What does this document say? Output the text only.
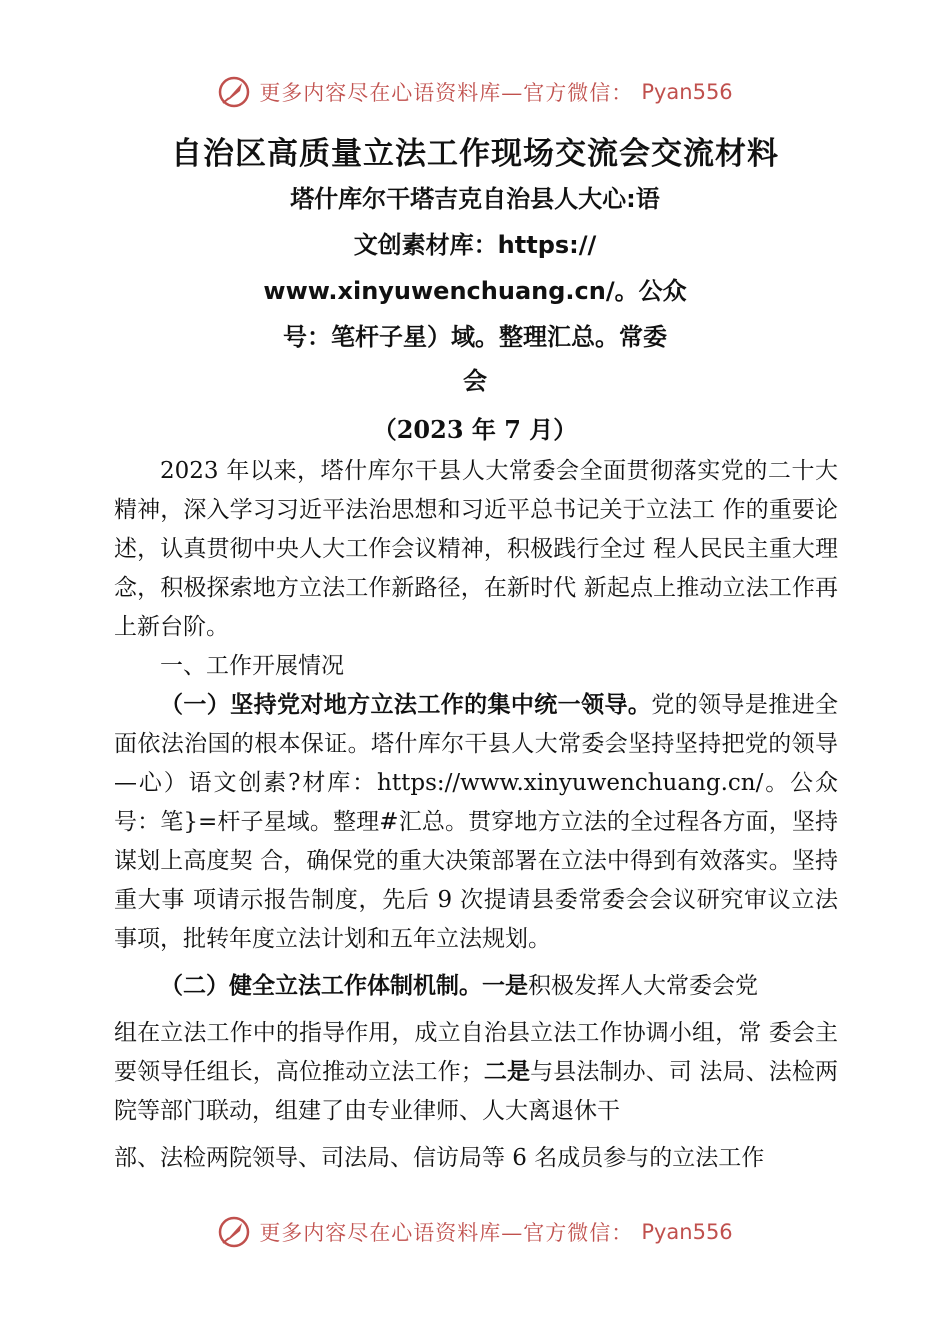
更多内容尽在心语资料库—官方微信： Pyan556
自治区高质量立法工作现场交流会交流材料
塔什库尔干塔吉克自治县人大心:语
文创素材库：https://
www.xinyuwenchuang.cn/。公众
号：笔杆子星）域。整理汇总。常委
会
（2023 年 7 月）

2023 年以来，塔什库尔干县人大常委会全面贯彻落实党的二十大精神，深入学习习近平法治思想和习近平总书记关于立法工 作的重要论述，认真贯彻中央人大工作会议精神，积极践行全过 程人民民主重大理念，积极探索地方立法工作新路径，在新时代 新起点上推动立法工作再上新台阶。

一、工作开展情况

（一）坚持党对地方立法工作的集中统一领导。党的领导是推进全面依法治国的根本保证。塔什库尔干县人大常委会坚持坚持把党的领导—心）语文创素?材库：https://www.xinyuwenchuang.cn/。公众号：笔}=杆子星域。整理#汇总。贯穿地方立法的全过程各方面，坚持谋划上高度契 合，确保党的重大决策部署在立法中得到有效落实。坚持重大事 项请示报告制度，先后 9 次提请县委常委会会议研究审议立法事项，批转年度立法计划和五年立法规划。

（二）健全立法工作体制机制。一是积极发挥人大常委会党

组在立法工作中的指导作用，成立自治县立法工作协调小组，常 委会主要领导任组长，高位推动立法工作；二是与县法制办、司 法局、法检两院等部门联动，组建了由专业律师、人大离退休干

部、法检两院领导、司法局、信访局等 6 名成员参与的立法工作

更多内容尽在心语资料库—官方微信： Pyan556
